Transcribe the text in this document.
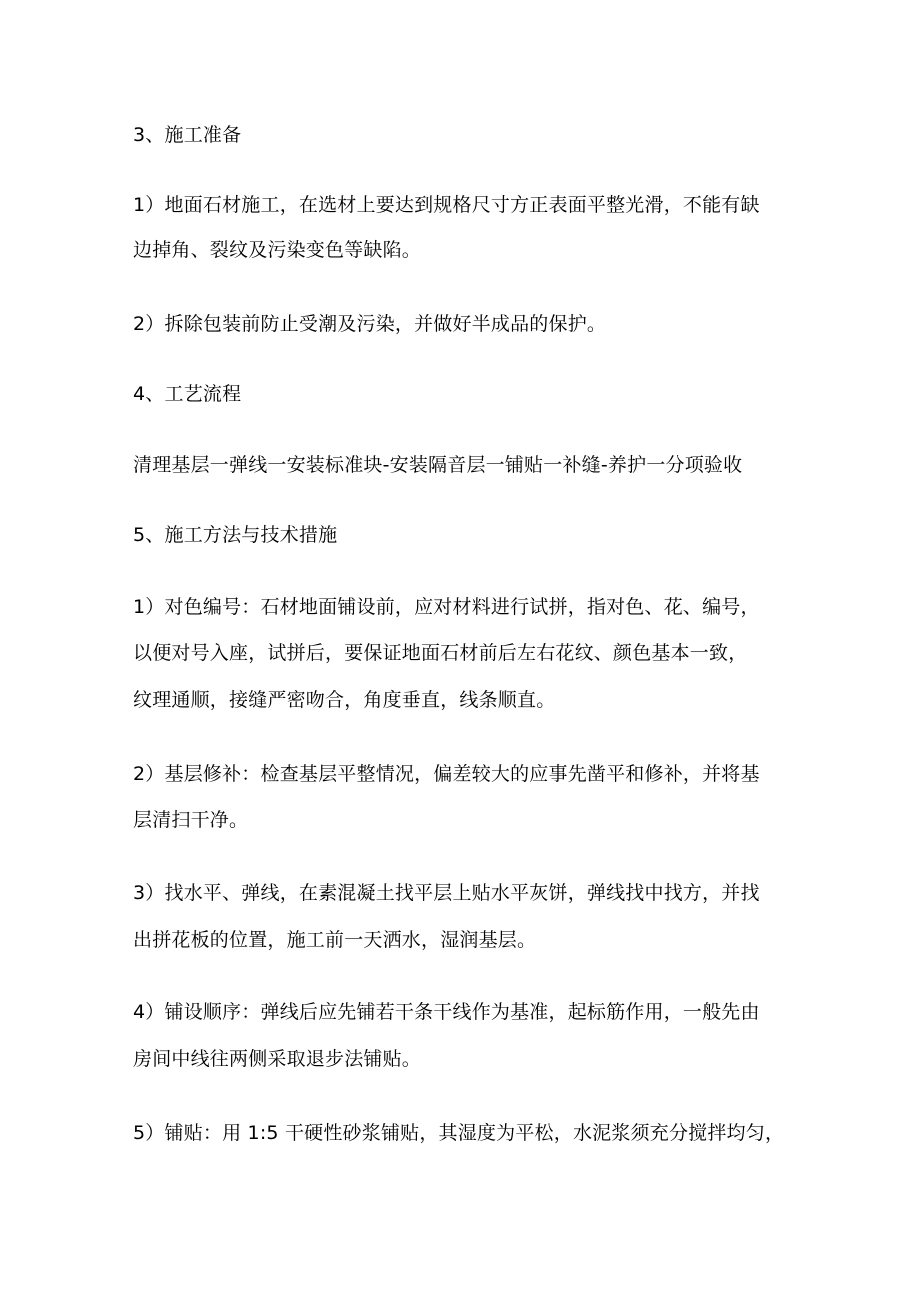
3、施工准备

1）地面石材施工，在选材上要达到规格尺寸方正表面平整光滑，不能有缺

边掉角、裂纹及污染变色等缺陷。

2）拆除包装前防止受潮及污染，并做好半成品的保护。

4、工艺流程

清理基层一弹线一安装标准块-安装隔音层一铺贴一补缝-养护一分项验收

5、施工方法与技术措施

1）对色编号：石材地面铺设前，应对材料进行试拼，指对色、花、编号，

以便对号入座，试拼后，要保证地面石材前后左右花纹、颜色基本一致，

纹理通顺，接缝严密吻合，角度垂直，线条顺直。

2）基层修补：检查基层平整情况，偏差较大的应事先凿平和修补，并将基

层清扫干净。

3）找水平、弹线，在素混凝土找平层上贴水平灰饼，弹线找中找方，并找

出拼花板的位置，施工前一天洒水，湿润基层。

4）铺设顺序：弹线后应先铺若干条干线作为基准，起标筋作用，一般先由

房间中线往两侧采取退步法铺贴。

5）铺贴：用 1:5 干硬性砂浆铺贴，其湿度为平松，水泥浆须充分搅拌均匀，
